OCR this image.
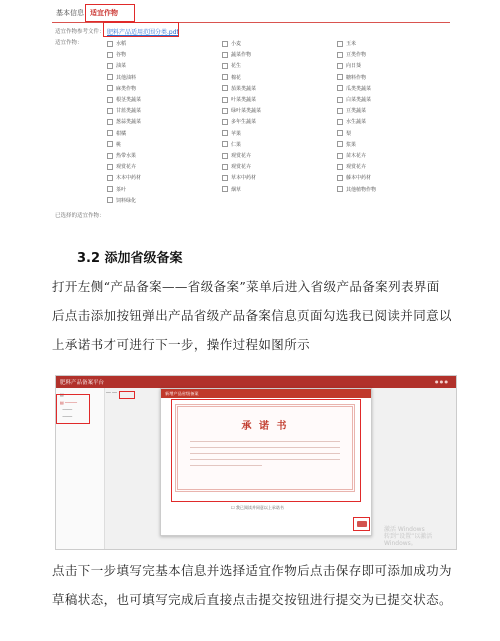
基本信息 适宜作物
适宜作物参考文件： 肥料产品适用范围分类.pdf
适宜作物：	水稻	小麦	玉米
谷物	蔬菜作物	豆类作物
油菜	花生	向日葵
其他油料	棉花	糖料作物
麻类作物	茄果类蔬菜	瓜类类蔬菜
根茎类蔬菜	叶菜类蔬菜	白菜类蔬菜
甘蓝类蔬菜	绿叶菜类蔬菜	豆类蔬菜
葱蒜类蔬菜	多年生蔬菜	水生蔬菜
柑橘	苹果	梨
桃	仁果	浆果
热带水果	观赏花卉	苗木花卉
观赏花卉	观赏花卉	观赏花卉
木本中药材	草本中药材	藤本中药材
茶叶	烟草	其他植物作物
饲料绿化
已选择的适宜作物：
3.2 添加省级备案
打开左侧“产品备案——省级备案”菜单后进入省级产品备案列表界面后点击添加按钮弹出产品省级产品备案信息页面勾选我已阅读并同意以上承诺书才可进行下一步，操作过程如图所示
肥料产品备案平台	● ● ●
▤ ───
▤ ─────
────
────
────
── ──	新增产品省级备案
承 诺 书
☐ 我已阅读并同意以上承诺书
激活 Windows
转到“设置”以激活 Windows。
点击下一步填写完基本信息并选择适宜作物后点击保存即可添加成功为草稿状态，也可填写完成后直接点击提交按钮进行提交为已提交状态。
